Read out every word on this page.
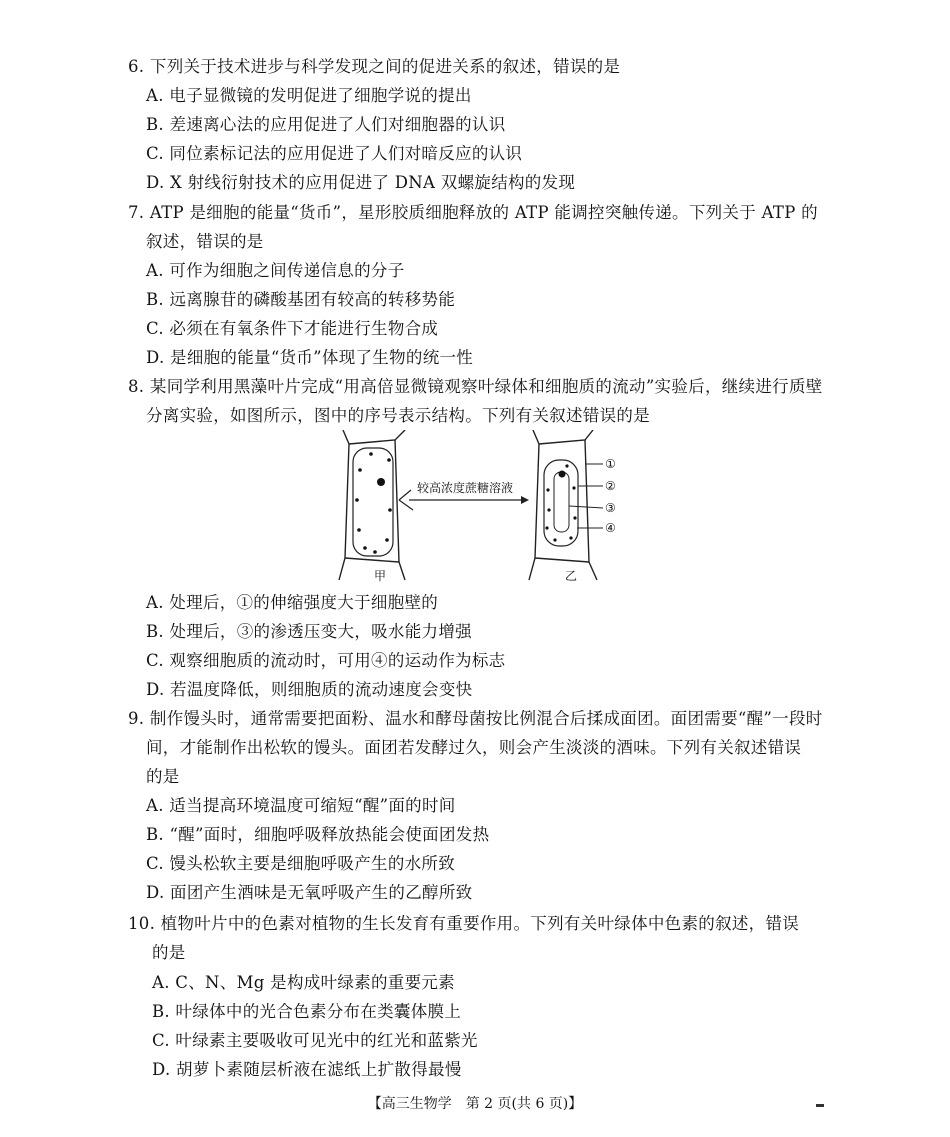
6. 下列关于技术进步与科学发现之间的促进关系的叙述，错误的是
A. 电子显微镜的发明促进了细胞学说的提出
B. 差速离心法的应用促进了人们对细胞器的认识
C. 同位素标记法的应用促进了人们对暗反应的认识
D. X 射线衍射技术的应用促进了 DNA 双螺旋结构的发现
7. ATP 是细胞的能量“货币”，星形胶质细胞释放的 ATP 能调控突触传递。下列关于 ATP 的
叙述，错误的是
A. 可作为细胞之间传递信息的分子
B. 远离腺苷的磷酸基团有较高的转移势能
C. 必须在有氧条件下才能进行生物合成
D. 是细胞的能量“货币”体现了生物的统一性
8. 某同学利用黑藻叶片完成“用高倍显微镜观察叶绿体和细胞质的流动”实验后，继续进行质壁
分离实验，如图所示，图中的序号表示结构。下列有关叙述错误的是
较高浓度蔗糖溶液
①
②
③
④
甲	乙
A. 处理后，①的伸缩强度大于细胞壁的
B. 处理后，③的渗透压变大，吸水能力增强
C. 观察细胞质的流动时，可用④的运动作为标志
D. 若温度降低，则细胞质的流动速度会变快
9. 制作馒头时，通常需要把面粉、温水和酵母菌按比例混合后揉成面团。面团需要“醒”一段时
间，才能制作出松软的馒头。面团若发酵过久，则会产生淡淡的酒味。下列有关叙述错误
的是
A. 适当提高环境温度可缩短“醒”面的时间
B. “醒”面时，细胞呼吸释放热能会使面团发热
C. 馒头松软主要是细胞呼吸产生的水所致
D. 面团产生酒味是无氧呼吸产生的乙醇所致
10. 植物叶片中的色素对植物的生长发育有重要作用。下列有关叶绿体中色素的叙述，错误
的是
A. C、N、Mg 是构成叶绿素的重要元素
B. 叶绿体中的光合色素分布在类囊体膜上
C. 叶绿素主要吸收可见光中的红光和蓝紫光
D. 胡萝卜素随层析液在滤纸上扩散得最慢
【高三生物学　第 2 页(共 6 页)】
